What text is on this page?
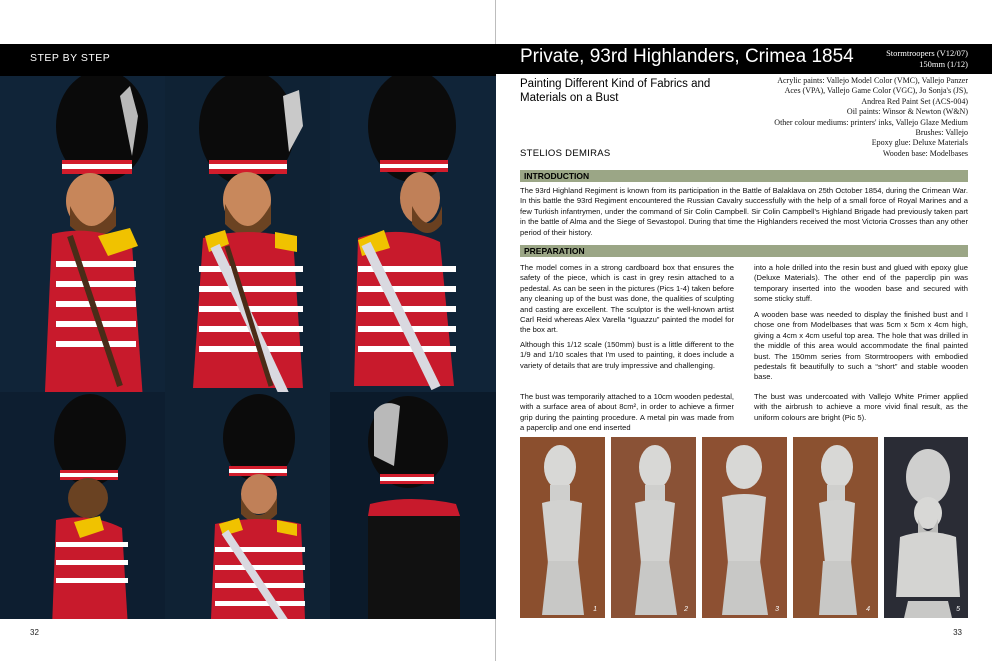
STEP BY STEP
32
Private, 93rd Highlanders, Crimea 1854	Stormtroopers (V12/07)
150mm (1/12)
Painting Different Kind of Fabrics and Materials on a Bust
Acrylic paints: Vallejo Model Color (VMC), Vallejo Panzer
Aces (VPA), Vallejo Game Color (VGC), Jo Sonja's (JS),
Andrea Red Paint Set (ACS-004)
Oil paints: Winsor & Newton (W&N)
Other colour mediums: printers' inks, Vallejo Glaze Medium
Brushes: Vallejo
Epoxy glue: Deluxe Materials
Wooden base: Modelbases
STELIOS DEMIRAS
INTRODUCTION

The 93rd Highland Regiment is known from its participation in the Battle of Balaklava on 25th October 1854, during the Crimean War. In this battle the 93rd Regiment encountered the Russian Cavalry successfully with the help of a small force of Royal Marines and a few Turkish infantrymen, under the command of Sir Colin Campbell. Sir Colin Campbell's Highland Brigade had previously taken part in the battle of Alma and the Siege of Sevastopol. During that time the Highlanders received the most Victoria Crosses than any other period of their history.

PREPARATION

The model comes in a strong cardboard box that ensures the safety of the piece, which is cast in grey resin attached to a pedestal. As can be seen in the pictures (Pics 1-4) taken before any cleaning up of the bust was done, the qualities of sculpting and casting are excellent. The sculptor is the well-known artist Carl Reid whereas Alex Varella “Iguazzu” painted the model for the box art.

Although this 1/12 scale (150mm) bust is a little different to the 1/9 and 1/10 scales that I'm used to painting, it does include a variety of details that are truly impressive and challenging.

The bust was temporarily attached to a 10cm wooden pedestal, with a surface area of about 8cm², in order to achieve a firmer grip during the painting procedure. A metal pin was made from a paperclip and one end inserted

into a hole drilled into the resin bust and glued with epoxy glue (Deluxe Materials). The other end of the paperclip pin was temporary inserted into the wooden base and secured with some sticky stuff.

A wooden base was needed to display the finished bust and I chose one from Modelbases that was 5cm x 5cm x 4cm high, giving a 4cm x 4cm useful top area. The hole that was drilled in the middle of this area would accommodate the final painted bust. The 150mm series from Stormtroopers with embodied pedestals fit beautifully to such a “short” and stable wooden base.

The bust was undercoated with Vallejo White Primer applied with the airbrush to achieve a more vivid final result, as the uniform colours are bright (Pic 5).

1	2	3	4	5
33
